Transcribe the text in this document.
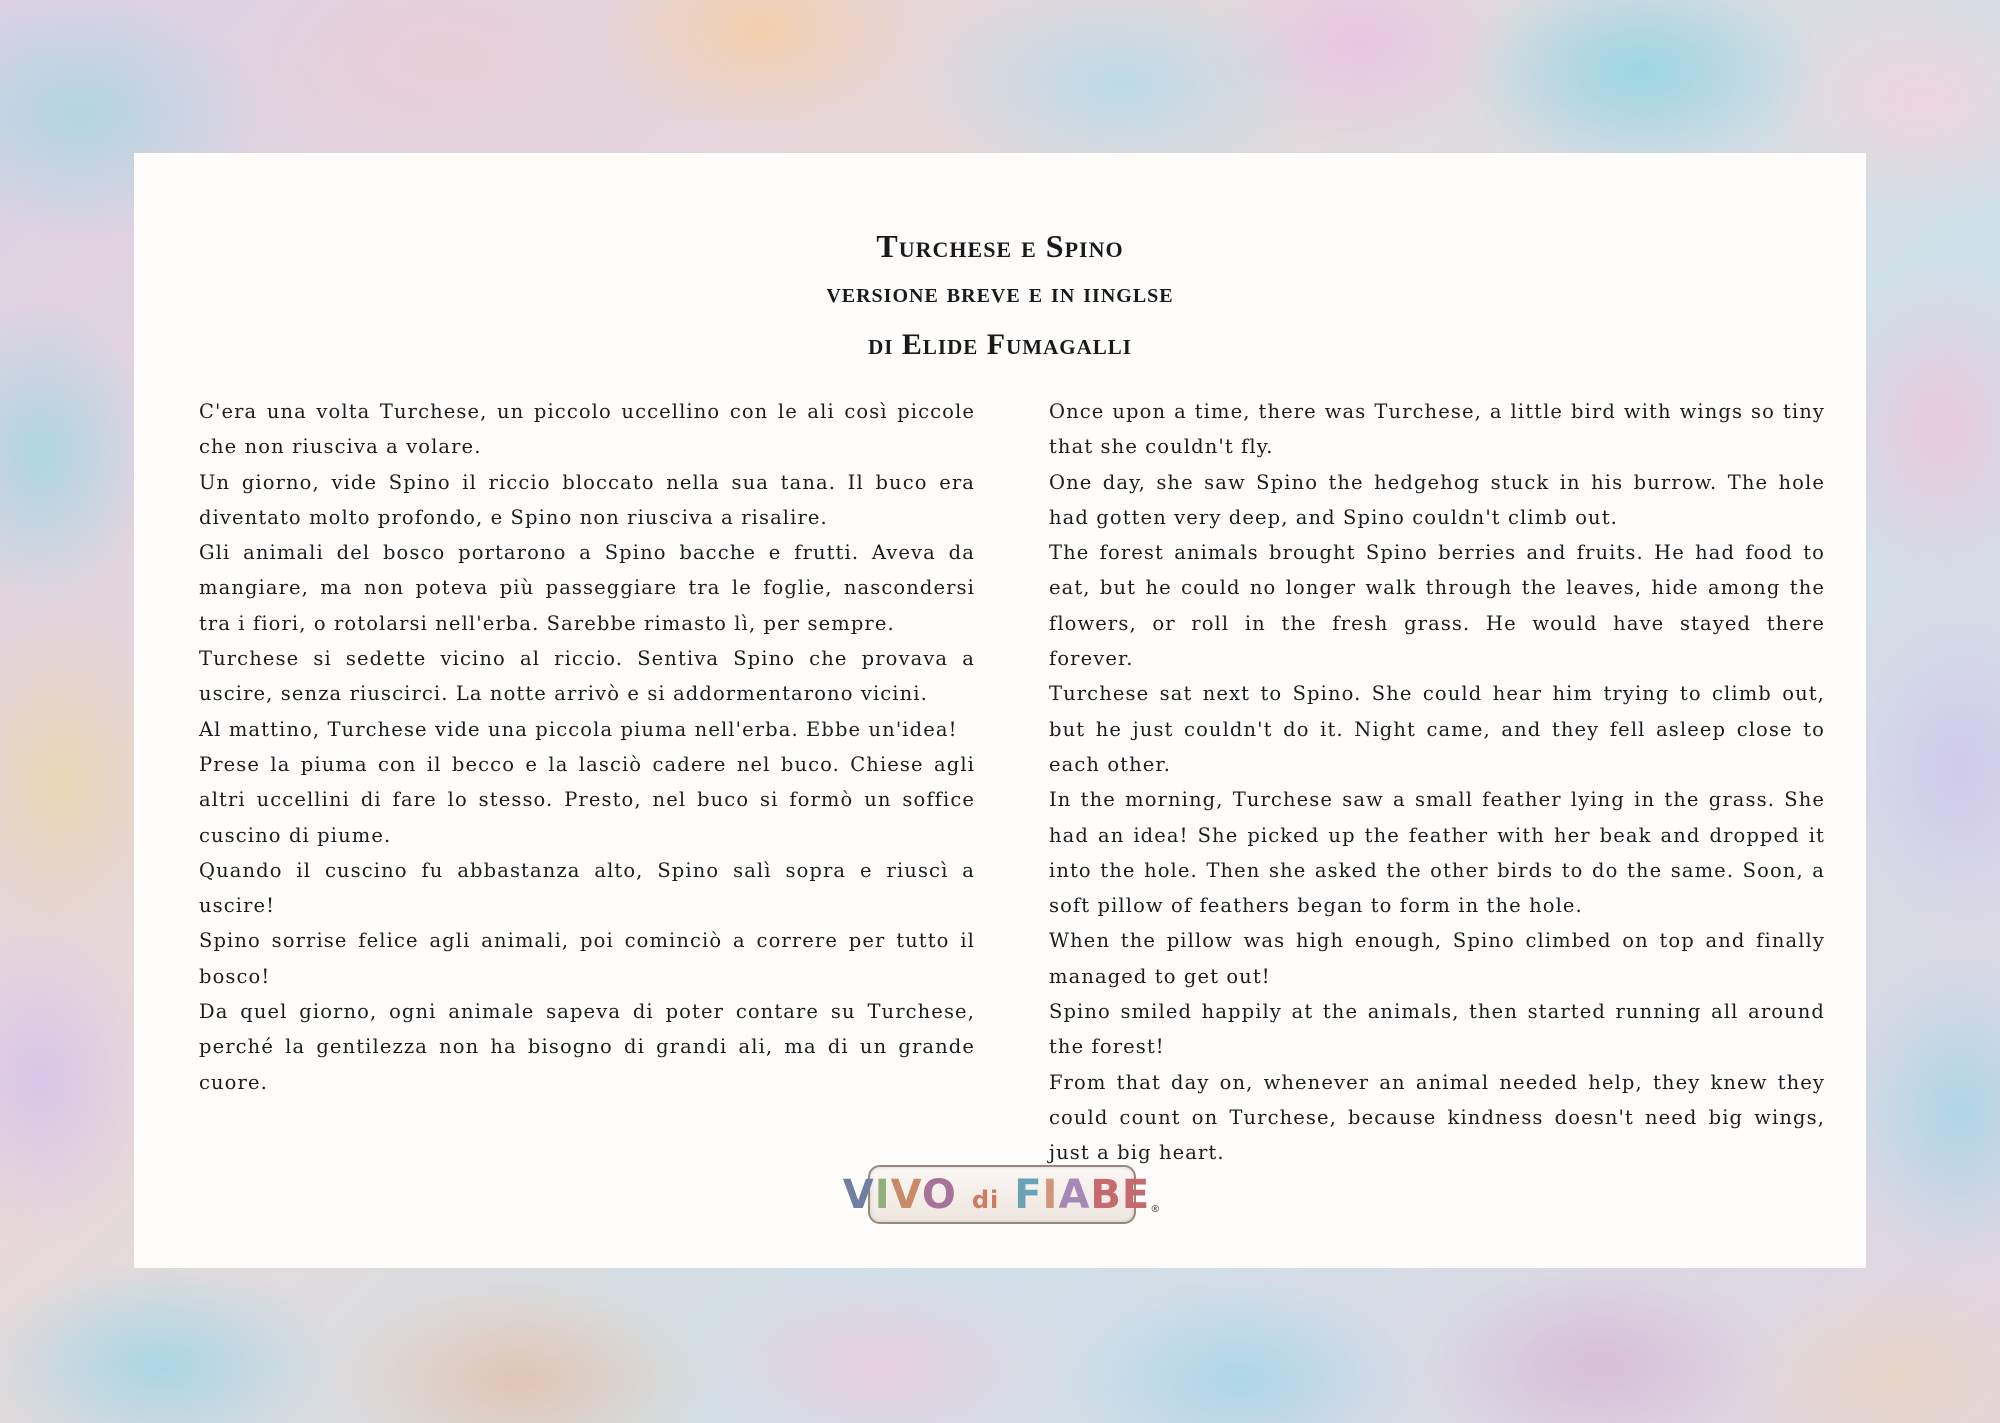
Turchese e Spino
versione breve e in iinglse
di Elide Fumagalli

C'era una volta Turchese, un piccolo uccellino con le ali così piccole che non riusciva a volare.

Un giorno, vide Spino il riccio bloccato nella sua tana. Il buco era diventato molto profondo, e Spino non riusciva a risalire.

Gli animali del bosco portarono a Spino bacche e frutti. Aveva da mangiare, ma non poteva più passeggiare tra le foglie, nascondersi tra i fiori, o rotolarsi nell'erba. Sarebbe rimasto lì, per sempre.

Turchese si sedette vicino al riccio. Sentiva Spino che provava a uscire, senza riuscirci. La notte arrivò e si addormentarono vicini.

Al mattino, Turchese vide una piccola piuma nell'erba. Ebbe un'idea!

Prese la piuma con il becco e la lasciò cadere nel buco. Chiese agli altri uccellini di fare lo stesso. Presto, nel buco si formò un soffice cuscino di piume.

Quando il cuscino fu abbastanza alto, Spino salì sopra e riuscì a uscire!

Spino sorrise felice agli animali, poi cominciò a correre per tutto il bosco!

Da quel giorno, ogni animale sapeva di poter contare su Turchese, perché la gentilezza non ha bisogno di grandi ali, ma di un grande cuore.

Once upon a time, there was Turchese, a little bird with wings so tiny that she couldn't fly.

One day, she saw Spino the hedgehog stuck in his burrow. The hole had gotten very deep, and Spino couldn't climb out.

The forest animals brought Spino berries and fruits. He had food to eat, but he could no longer walk through the leaves, hide among the flowers, or roll in the fresh grass. He would have stayed there forever.

Turchese sat next to Spino. She could hear him trying to climb out, but he just couldn't do it. Night came, and they fell asleep close to each other.

In the morning, Turchese saw a small feather lying in the grass. She had an idea! She picked up the feather with her beak and dropped it into the hole. Then she asked the other birds to do the same. Soon, a soft pillow of feathers began to form in the hole.

When the pillow was high enough, Spino climbed on top and finally managed to get out!

Spino smiled happily at the animals, then started running all around the forest!

From that day on, whenever an animal needed help, they knew they could count on Turchese, because kindness doesn't need big wings, just a big heart.

VIVO di FIABE®
